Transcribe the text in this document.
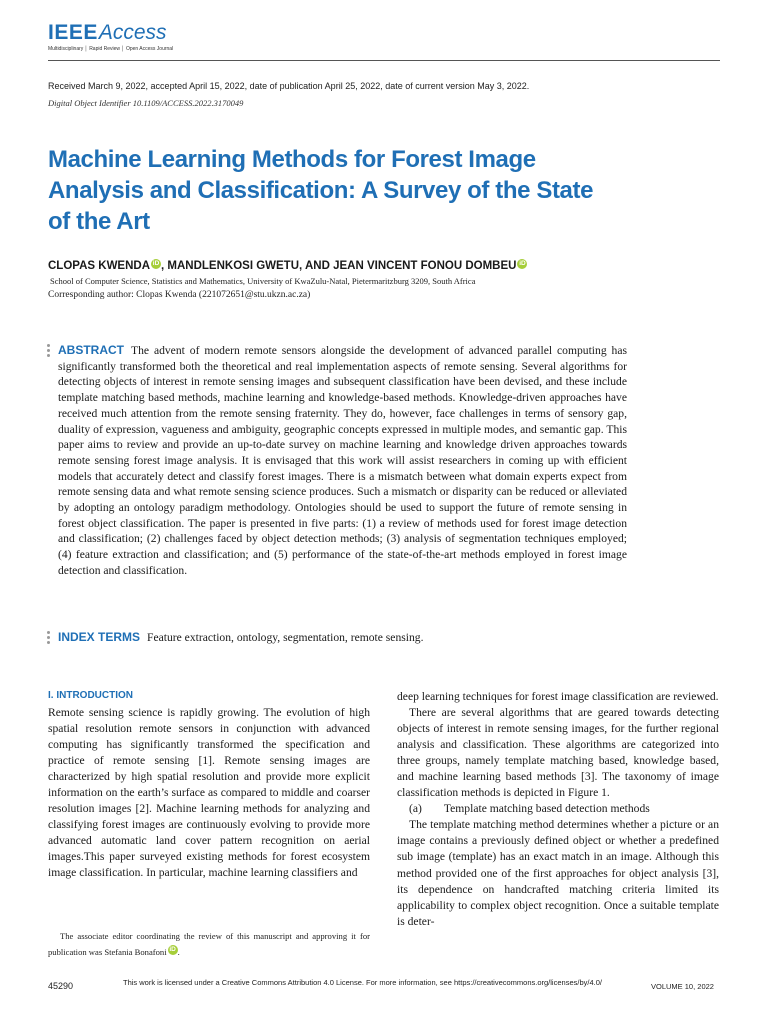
IEEEAccess
Multidisciplinary │ Rapid Review │ Open Access Journal
Received March 9, 2022, accepted April 15, 2022, date of publication April 25, 2022, date of current version May 3, 2022.
Digital Object Identifier 10.1109/ACCESS.2022.3170049
Machine Learning Methods for Forest Image Analysis and Classification: A Survey of the State of the Art
CLOPAS KWENDA iD , MANDLENKOSI GWETU, AND JEAN VINCENT FONOU DOMBEU iD
School of Computer Science, Statistics and Mathematics, University of KwaZulu-Natal, Pietermaritzburg 3209, South Africa
Corresponding author: Clopas Kwenda (221072651@stu.ukzn.ac.za)

ABSTRACT The advent of modern remote sensors alongside the development of advanced parallel computing has significantly transformed both the theoretical and real implementation aspects of remote sensing. Several algorithms for detecting objects of interest in remote sensing images and subsequent classification have been devised, and these include template matching based methods, machine learning and knowledge-based methods. Knowledge-driven approaches have received much attention from the remote sensing fraternity. They do, however, face challenges in terms of sensory gap, duality of expression, vagueness and ambiguity, geographic concepts expressed in multiple modes, and semantic gap. This paper aims to review and provide an up-to-date survey on machine learning and knowledge driven approaches towards remote sensing forest image analysis. It is envisaged that this work will assist researchers in coming up with efficient models that accurately detect and classify forest images. There is a mismatch between what domain experts expect from remote sensing data and what remote sensing science produces. Such a mismatch or disparity can be reduced or alleviated by adopting an ontology paradigm methodology. Ontologies should be used to support the future of remote sensing in forest object classification. The paper is presented in five parts: (1) a review of methods used for forest image detection and classification; (2) challenges faced by object detection methods; (3) analysis of segmentation techniques employed; (4) feature extraction and classification; and (5) performance of the state-of-the-art methods employed in forest image detection and classification.

INDEX TERMS Feature extraction, ontology, segmentation, remote sensing.

I. INTRODUCTION

Remote sensing science is rapidly growing. The evolution of high spatial resolution remote sensors in conjunction with advanced computing has significantly transformed the specification and practice of remote sensing [1]. Remote sensing images are characterized by high spatial resolution and provide more explicit information on the earth’s surface as compared to middle and coarser resolution images [2]. Machine learning methods for analyzing and classifying forest images are continuously evolving to provide more advanced automatic land cover pattern recognition on aerial images.This paper surveyed existing methods for forest ecosystem image classification. In particular, machine learning classifiers and

deep learning techniques for forest image classification are reviewed.

There are several algorithms that are geared towards detecting objects of interest in remote sensing images, for the further regional analysis and classification. These algorithms are categorized into three groups, namely template matching based, knowledge based, and machine learning based methods [3]. The taxonomy of image classification methods is depicted in Figure 1.

(a) Template matching based detection methods

The template matching method determines whether a picture or an image contains a previously defined object or whether a predefined sub image (template) has an exact match in an image. Although this method provided one of the first approaches for object analysis [3], its dependence on handcrafted matching criteria limited its applicability to complex object recognition. Once a suitable template is deter-

The associate editor coordinating the review of this manuscript and approving it for publication was Stefania Bonafoni iD .

45290	This work is licensed under a Creative Commons Attribution 4.0 License. For more information, see https://creativecommons.org/licenses/by/4.0/	VOLUME 10, 2022
